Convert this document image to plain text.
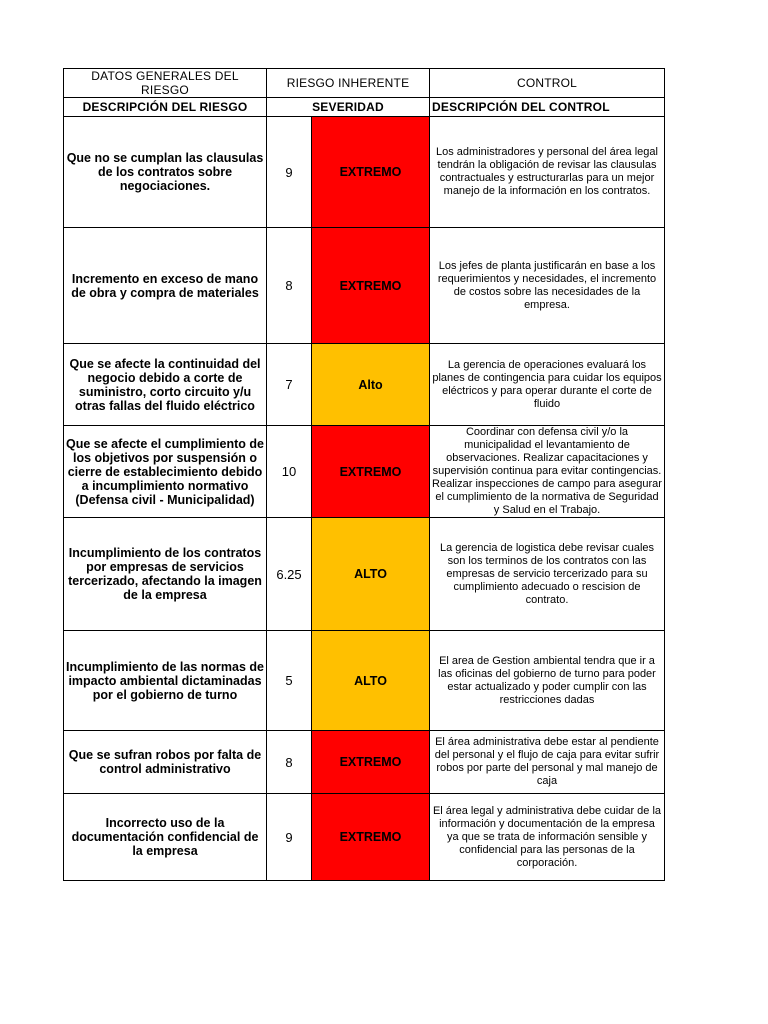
DATOS GENERALES DEL RIESGO	RIESGO INHERENTE		CONTROL
DESCRIPCIÓN DEL RIESGO	SEVERIDAD		DESCRIPCIÓN DEL CONTROL
Que no se cumplan las clausulas de los contratos sobre negociaciones.	9	EXTREMO	Los administradores y personal del área legal tendrán la obligación de revisar las clausulas contractuales y estructurarlas para un mejor manejo de la información en los contratos.
Incremento en exceso de mano de obra y compra de materiales	8	EXTREMO	Los jefes de planta justificarán en base a los requerimientos y necesidades, el incremento de costos sobre las necesidades de la empresa.
Que se afecte la continuidad del negocio debido a corte de suministro, corto circuito y/u otras fallas del fluido eléctrico	7	Alto	La gerencia de operaciones evaluará los planes de contingencia para cuidar los equipos eléctricos y para operar durante el corte de fluido
Que se afecte el cumplimiento de los objetivos por suspensión o cierre de establecimiento debido a incumplimiento normativo (Defensa civil - Municipalidad)	10	EXTREMO	Coordinar con defensa civil y/o la municipalidad el levantamiento de observaciones. Realizar capacitaciones y supervisión continua para evitar contingencias. Realizar inspecciones de campo para asegurar el cumplimiento de la normativa de Seguridad y Salud en el Trabajo.
Incumplimiento de los contratos por empresas de servicios tercerizado, afectando la imagen de la empresa	6.25	ALTO	La gerencia de logistica debe revisar cuales son los terminos de los contratos con las empresas de servicio tercerizado para su cumplimiento adecuado o rescision de contrato.
Incumplimiento de las normas de impacto ambiental dictaminadas por el gobierno de turno	5	ALTO	El area de Gestion ambiental tendra que ir a las oficinas del gobierno de turno para poder estar actualizado y poder cumplir con las restricciones dadas
Que se sufran robos por falta de control administrativo	8	EXTREMO	El área administrativa debe estar al pendiente del personal y el flujo de caja para evitar sufrir robos por parte del personal y mal manejo de caja
Incorrecto uso de la documentación confidencial de la empresa	9	EXTREMO	El área legal y administrativa debe cuidar de la información y documentación de la empresa ya que se trata de información sensible y confidencial para las personas de la corporación.
